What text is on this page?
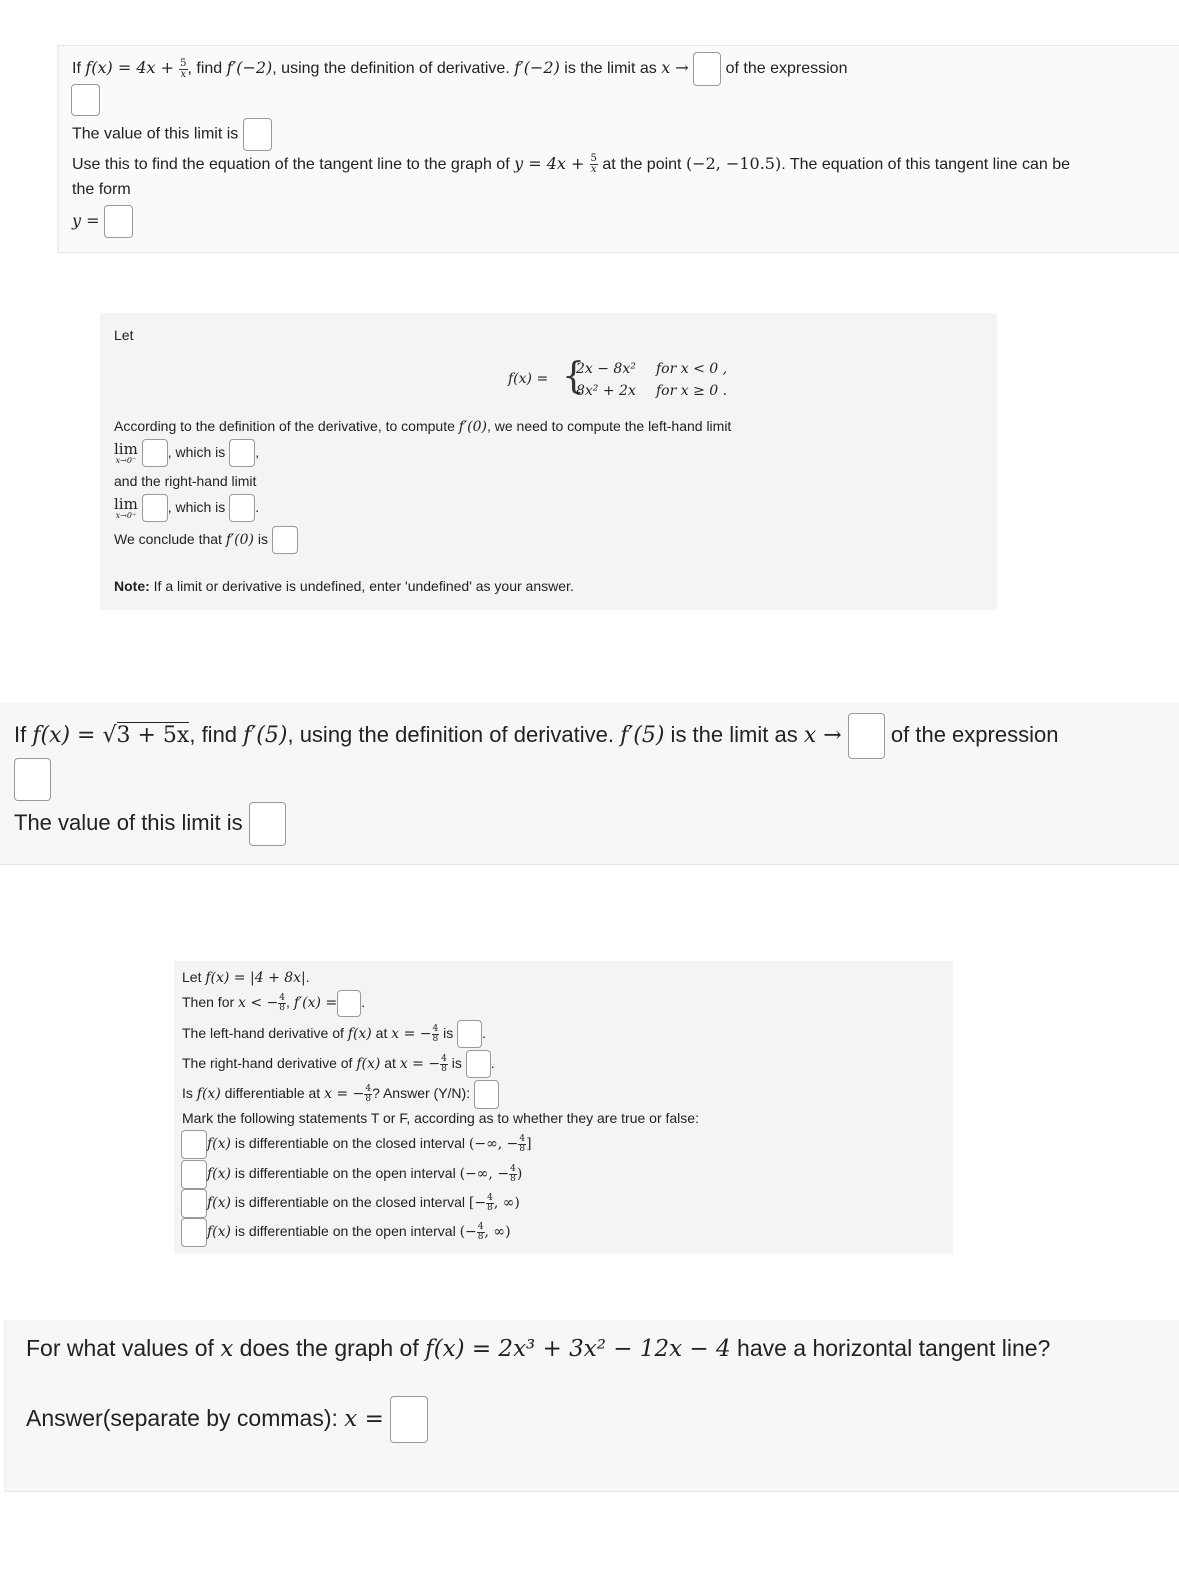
If $f(x) = 4x + \frac{5}{x}$ , find f′(−2), using the definition of derivative. f′(−2) is the limit as x → of the expression
The value of this limit is
Use this to find the equation of the tangent line to the graph of $y = 4x + \frac{5}{x}$ at the point (−2, −10.5). The equation of this tangent line can be
the form
y =
Let
f(x) = {
2x − 8x² for x < 0 ,
8x² + 2x for x ≥ 0 .
According to the definition of the derivative, to compute f′(0), we need to compute the left-hand limit
lim
x→0⁻
, which is ,
and the right-hand limit
lim
x→0⁺
, which is .
We conclude that f′(0) is
Note: If a limit or derivative is undefined, enter 'undefined' as your answer.
If f(x) = √3 + 5x, find f′(5), using the definition of derivative. f′(5) is the limit as x → of the expression
The value of this limit is
Let f(x) = |4 + 8x|.
Then for x < − $\frac{4}{8}$ , f′(x) = .
The left-hand derivative of f(x) at x = − $\frac{4}{8}$ is .
The right-hand derivative of f(x) at x = − $\frac{4}{8}$ is .
Is f(x) differentiable at x = − $\frac{4}{8}$ ? Answer (Y/N):
Mark the following statements T or F, according as to whether they are true or false:
f(x) is differentiable on the closed interval (−∞, − $\frac{4}{8}$ ]
f(x) is differentiable on the open interval (−∞, − $\frac{4}{8}$ )
f(x) is differentiable on the closed interval [− $\frac{4}{8}$ , ∞)
f(x) is differentiable on the open interval (− $\frac{4}{8}$ , ∞)
For what values of x does the graph of f(x) = 2x³ + 3x² − 12x − 4 have a horizontal tangent line?
Answer(separate by commas): x =
